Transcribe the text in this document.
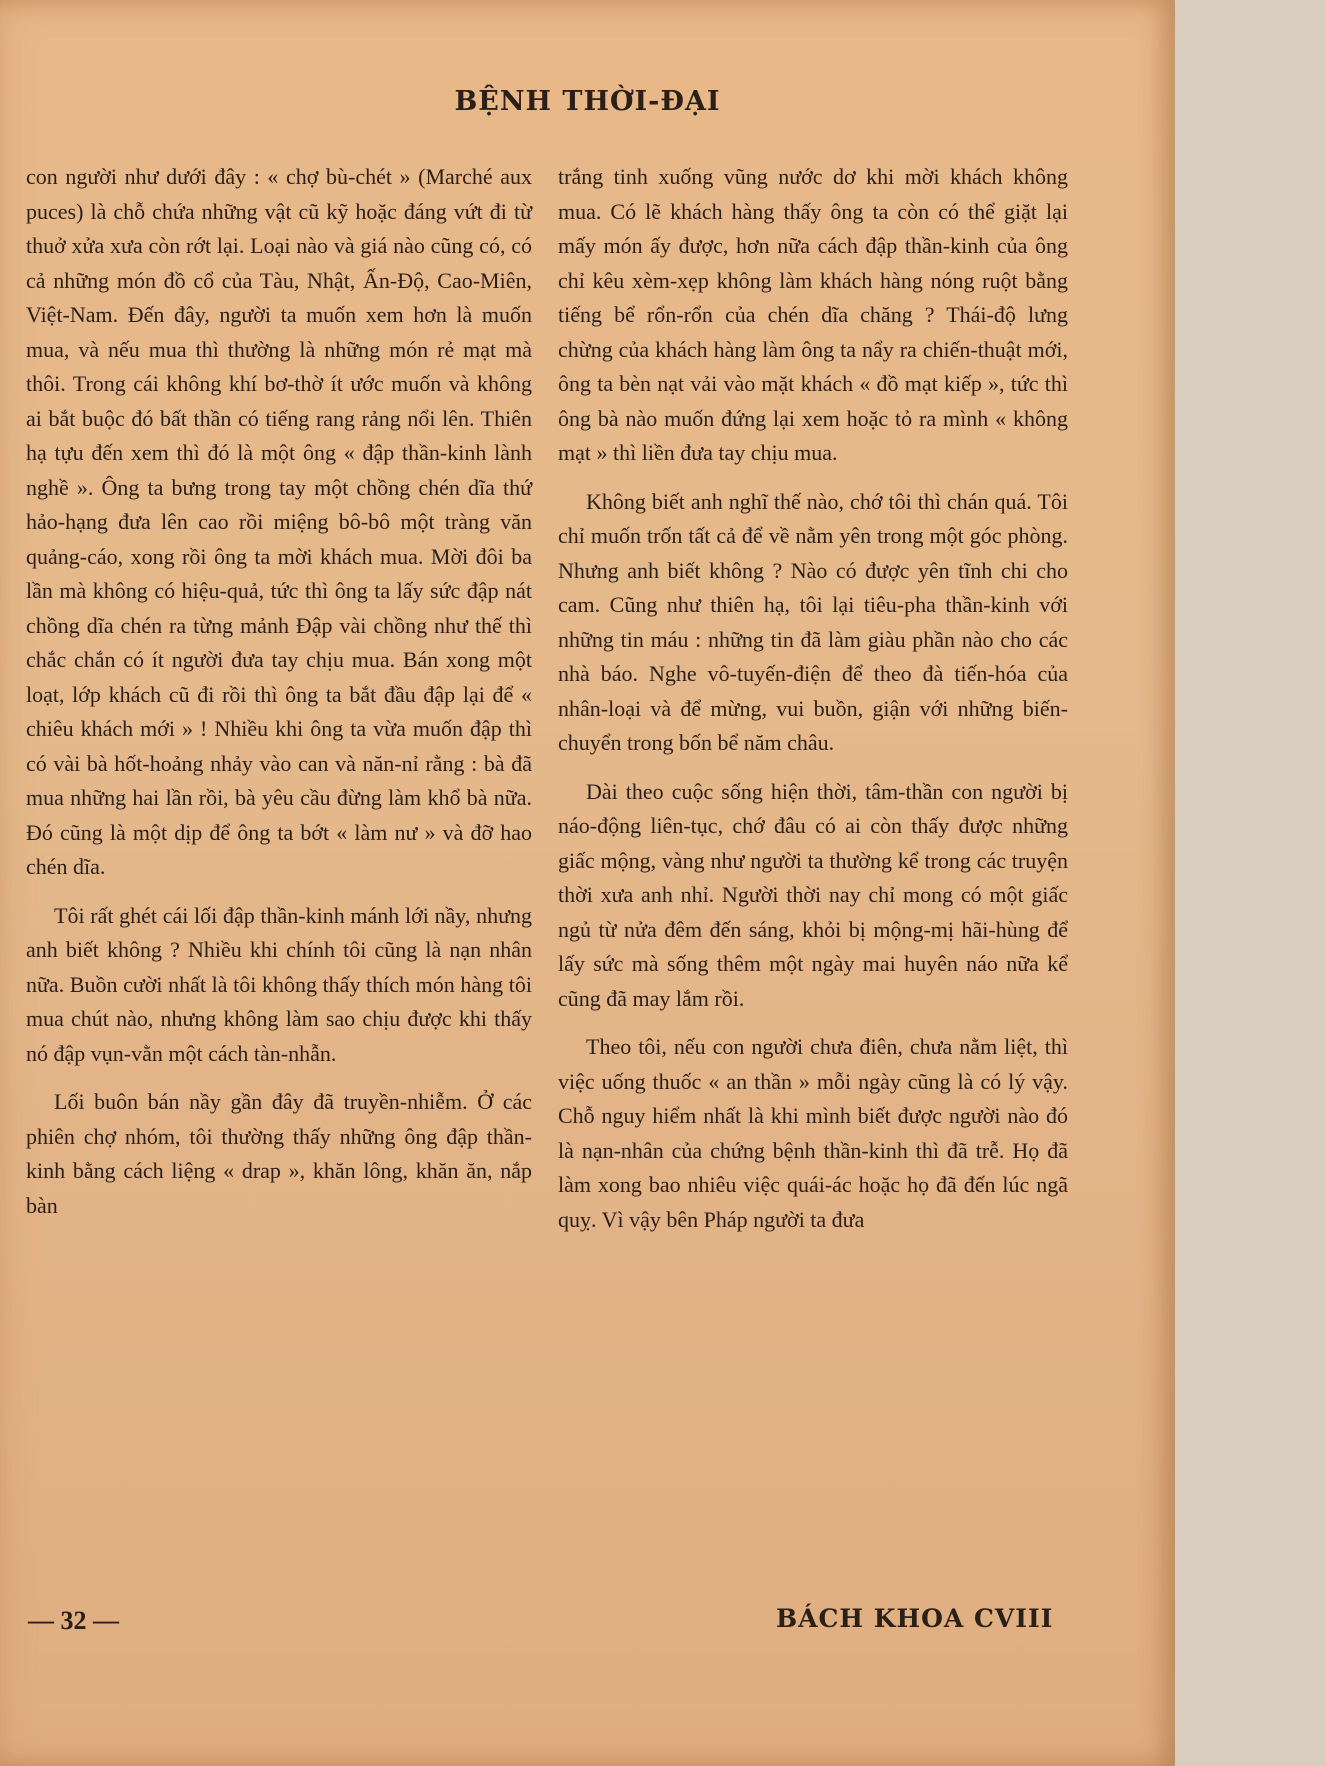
BỆNH THỜI-ĐẠI

con người như dưới đây : « chợ bù-chét » (Marché aux puces) là chỗ chứa những vật cũ kỹ hoặc đáng vứt đi từ thuở xửa xưa còn rớt lại. Loại nào và giá nào cũng có, có cả những món đồ cổ của Tàu, Nhật, Ấn-Độ, Cao-Miên, Việt-Nam. Đến đây, người ta muốn xem hơn là muốn mua, và nếu mua thì thường là những món rẻ mạt mà thôi. Trong cái không khí bơ-thờ ít ước muốn và không ai bắt buộc đó bất thần có tiếng rang rảng nổi lên. Thiên hạ tựu đến xem thì đó là một ông « đập thần-kinh lành nghề ». Ông ta bưng trong tay một chồng chén dĩa thứ hảo-hạng đưa lên cao rồi miệng bô-bô một tràng văn quảng-cáo, xong rồi ông ta mời khách mua. Mời đôi ba lần mà không có hiệu-quả, tức thì ông ta lấy sức đập nát chồng dĩa chén ra từng mảnh Đập vài chồng như thế thì chắc chắn có ít người đưa tay chịu mua. Bán xong một loạt, lớp khách cũ đi rồi thì ông ta bắt đầu đập lại để « chiêu khách mới » ! Nhiều khi ông ta vừa muốn đập thì có vài bà hốt-hoảng nhảy vào can và năn-nỉ rằng : bà đã mua những hai lần rồi, bà yêu cầu đừng làm khổ bà nữa. Đó cũng là một dịp để ông ta bớt « làm nư » và đỡ hao chén dĩa.

Tôi rất ghét cái lối đập thần-kinh mánh lới nầy, nhưng anh biết không ? Nhiều khi chính tôi cũng là nạn nhân nữa. Buồn cười nhất là tôi không thấy thích món hàng tôi mua chút nào, nhưng không làm sao chịu được khi thấy nó đập vụn-vằn một cách tàn-nhẫn.

Lối buôn bán nầy gần đây đã truyền-nhiễm. Ở các phiên chợ nhóm, tôi thường thấy những ông đập thần-kinh bằng cách liệng « drap », khăn lông, khăn ăn, nắp bàn

trắng tinh xuống vũng nước dơ khi mời khách không mua. Có lẽ khách hàng thấy ông ta còn có thể giặt lại mấy món ấy được, hơn nữa cách đập thần-kinh của ông chỉ kêu xèm-xẹp không làm khách hàng nóng ruột bằng tiếng bể rổn-rổn của chén dĩa chăng ? Thái-độ lưng chừng của khách hàng làm ông ta nẩy ra chiến-thuật mới, ông ta bèn nạt vải vào mặt khách « đồ mạt kiếp », tức thì ông bà nào muốn đứng lại xem hoặc tỏ ra mình « không mạt » thì liền đưa tay chịu mua.

Không biết anh nghĩ thế nào, chớ tôi thì chán quá. Tôi chỉ muốn trốn tất cả để về nằm yên trong một góc phòng. Nhưng anh biết không ? Nào có được yên tĩnh chi cho cam. Cũng như thiên hạ, tôi lại tiêu-pha thần-kinh với những tin máu : những tin đã làm giàu phần nào cho các nhà báo. Nghe vô-tuyến-điện để theo đà tiến-hóa của nhân-loại và để mừng, vui buồn, giận với những biến-chuyển trong bốn bể năm châu.

Dài theo cuộc sống hiện thời, tâm-thần con người bị náo-động liên-tục, chớ đâu có ai còn thấy được những giấc mộng, vàng như người ta thường kể trong các truyện thời xưa anh nhỉ. Người thời nay chỉ mong có một giấc ngủ từ nửa đêm đến sáng, khỏi bị mộng-mị hãi-hùng để lấy sức mà sống thêm một ngày mai huyên náo nữa kể cũng đã may lắm rồi.

Theo tôi, nếu con người chưa điên, chưa nằm liệt, thì việc uống thuốc « an thần » mỗi ngày cũng là có lý vậy. Chỗ nguy hiểm nhất là khi mình biết được người nào đó là nạn-nhân của chứng bệnh thần-kinh thì đã trễ. Họ đã làm xong bao nhiêu việc quái-ác hoặc họ đã đến lúc ngã quỵ. Vì vậy bên Pháp người ta đưa

— 32 —	BÁCH KHOA CVIII
